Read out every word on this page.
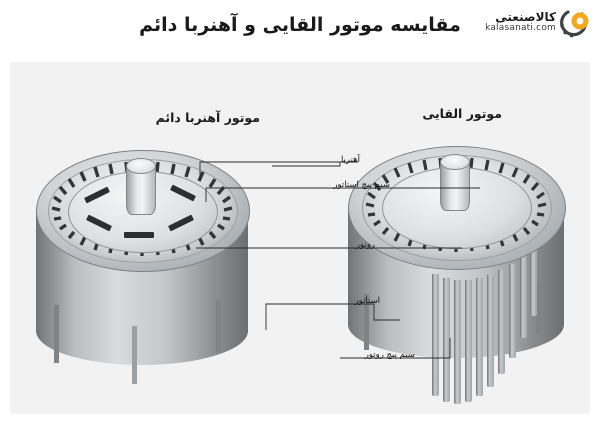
مقایسه موتور القایی و آهنربا دائم	کالاصنعتی
kalasanati.com
موتور القایی
موتور آهنربا دائم
آهنربا
سیم پیچ استاتور
روتور
استاتور
سیم پیچ روتور
